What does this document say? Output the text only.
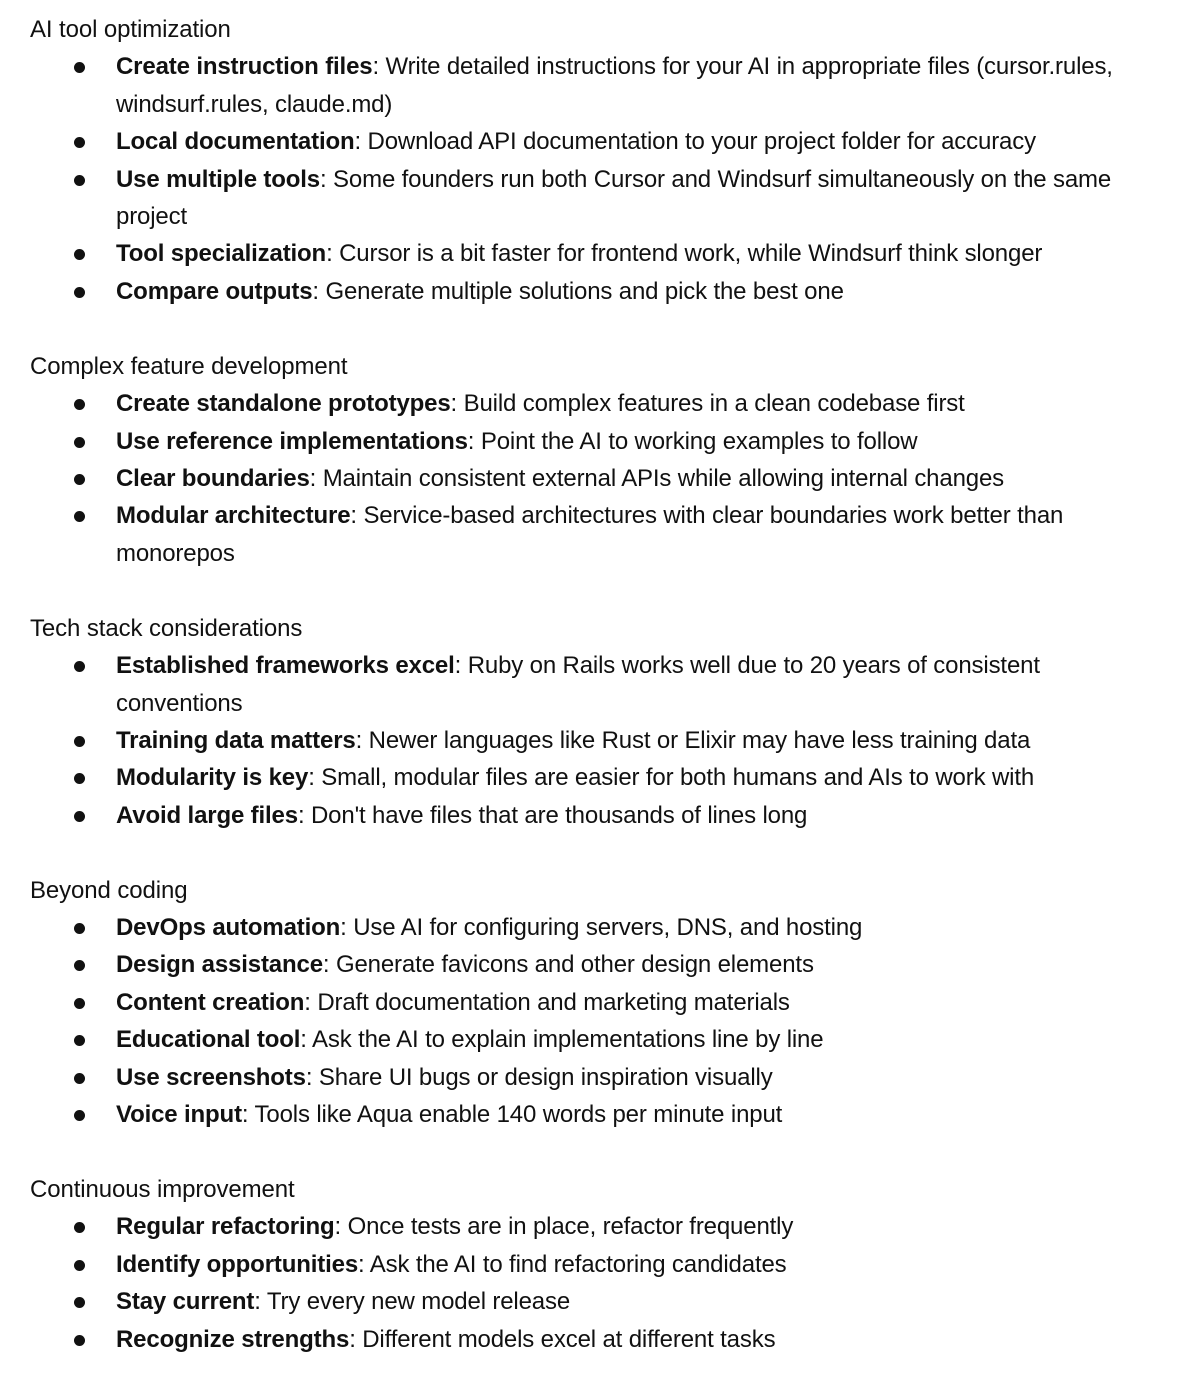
AI tool optimization
Create instruction files: Write detailed instructions for your AI in appropriate files (cursor.rules, windsurf.rules, claude.md)
Local documentation: Download API documentation to your project folder for accuracy
Use multiple tools: Some founders run both Cursor and Windsurf simultaneously on the same project
Tool specialization: Cursor is a bit faster for frontend work, while Windsurf think slonger
Compare outputs: Generate multiple solutions and pick the best one
Complex feature development
Create standalone prototypes: Build complex features in a clean codebase first
Use reference implementations: Point the AI to working examples to follow
Clear boundaries: Maintain consistent external APIs while allowing internal changes
Modular architecture: Service-based architectures with clear boundaries work better than monorepos
Tech stack considerations
Established frameworks excel: Ruby on Rails works well due to 20 years of consistent conventions
Training data matters: Newer languages like Rust or Elixir may have less training data
Modularity is key: Small, modular files are easier for both humans and AIs to work with
Avoid large files: Don't have files that are thousands of lines long
Beyond coding
DevOps automation: Use AI for configuring servers, DNS, and hosting
Design assistance: Generate favicons and other design elements
Content creation: Draft documentation and marketing materials
Educational tool: Ask the AI to explain implementations line by line
Use screenshots: Share UI bugs or design inspiration visually
Voice input: Tools like Aqua enable 140 words per minute input
Continuous improvement
Regular refactoring: Once tests are in place, refactor frequently
Identify opportunities: Ask the AI to find refactoring candidates
Stay current: Try every new model release
Recognize strengths: Different models excel at different tasks
